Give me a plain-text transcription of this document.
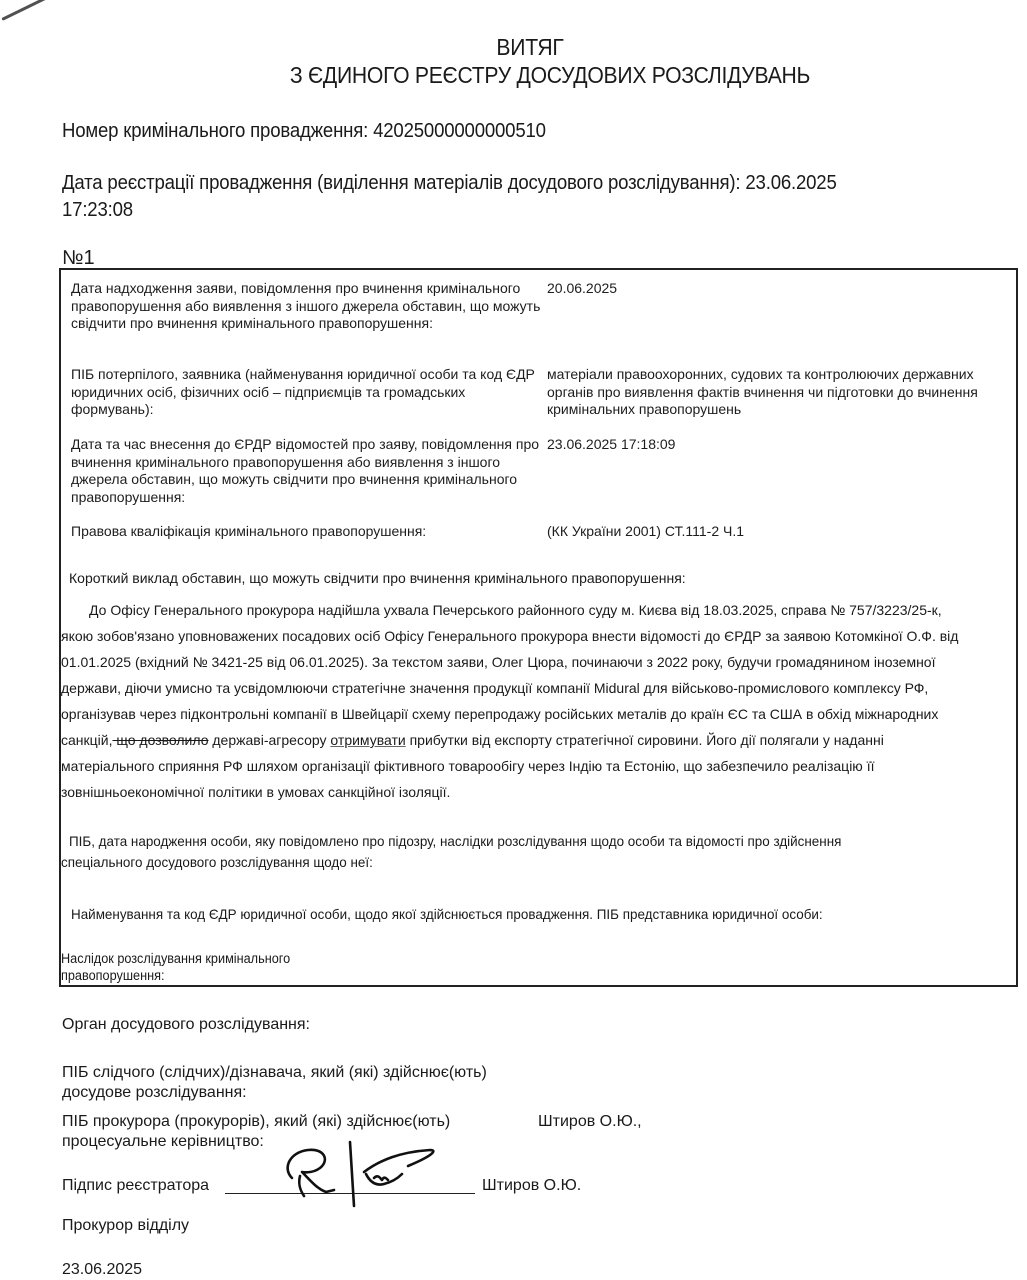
ВИТЯГ
З ЄДИНОГО РЕЄСТРУ ДОСУДОВИХ РОЗСЛІДУВАНЬ
Номер кримінального провадження: 42025000000000510
Дата реєстрації провадження (виділення матеріалів досудового розслідування): 23.06.2025
17:23:08
№1
Дата надходження заяви, повідомлення про вчинення кримінального правопорушення або виявлення з іншого джерела обставин, що можуть свідчити про вчинення кримінального правопорушення:
20.06.2025
ПІБ потерпілого, заявника (найменування юридичної особи та код ЄДР юридичних осіб, фізичних осіб – підприємців та громадських формувань):
матеріали правоохоронних, судових та контролюючих державних органів про виявлення фактів вчинення чи підготовки до вчинення кримінальних правопорушень
Дата та час внесення до ЄРДР відомостей про заяву, повідомлення про вчинення кримінального правопорушення або виявлення з іншого джерела обставин, що можуть свідчити про вчинення кримінального правопорушення:
23.06.2025 17:18:09
Правова кваліфікація кримінального правопорушення:	(КК України 2001) СТ.111-2 Ч.1
Короткий виклад обставин, що можуть свідчити про вчинення кримінального правопорушення:
До Офісу Генерального прокурора надійшла ухвала Печерського районного суду м. Києва від 18.03.2025, справа № 757/3223/25-к, якою зобов'язано уповноважених посадових осіб Офісу Генерального прокурора внести відомості до ЄРДР за заявою Котомкіної О.Ф. від 01.01.2025 (вхідний № 3421-25 від 06.01.2025). За текстом заяви, Олег Цюра, починаючи з 2022 року, будучи громадянином іноземної держави, діючи умисно та усвідомлюючи стратегічне значення продукції компанії Midural для військово-промислового комплексу РФ, організував через підконтрольні компанії в Швейцарії схему перепродажу російських металів до країн ЄС та США в обхід міжнародних санкцій, що дозволило державі-агресору отримувати прибутки від експорту стратегічної сировини. Його дії полягали у наданні матеріального сприяння РФ шляхом організації фіктивного товарообігу через Індію та Естонію, що забезпечило реалізацію її зовнішньоекономічної політики в умовах санкційної ізоляції.
ПІБ, дата народження особи, яку повідомлено про підозру, наслідки розслідування щодо особи та відомості про здійснення
спеціального досудового розслідування щодо неї:
Найменування та код ЄДР юридичної особи, щодо якої здійснюється провадження. ПІБ представника юридичної особи:
Наслідок розслідування кримінального правопорушення:
Орган досудового розслідування:
ПІБ слідчого (слідчих)/дізнавача, який (які) здійснює(ють) досудове розслідування:
ПІБ прокурора (прокурорів), який (які) здійснює(ють) процесуальне керівництво:
Штиров О.Ю.,
Підпис реєстратора	Штиров О.Ю.
Прокурор відділу
23.06.2025
